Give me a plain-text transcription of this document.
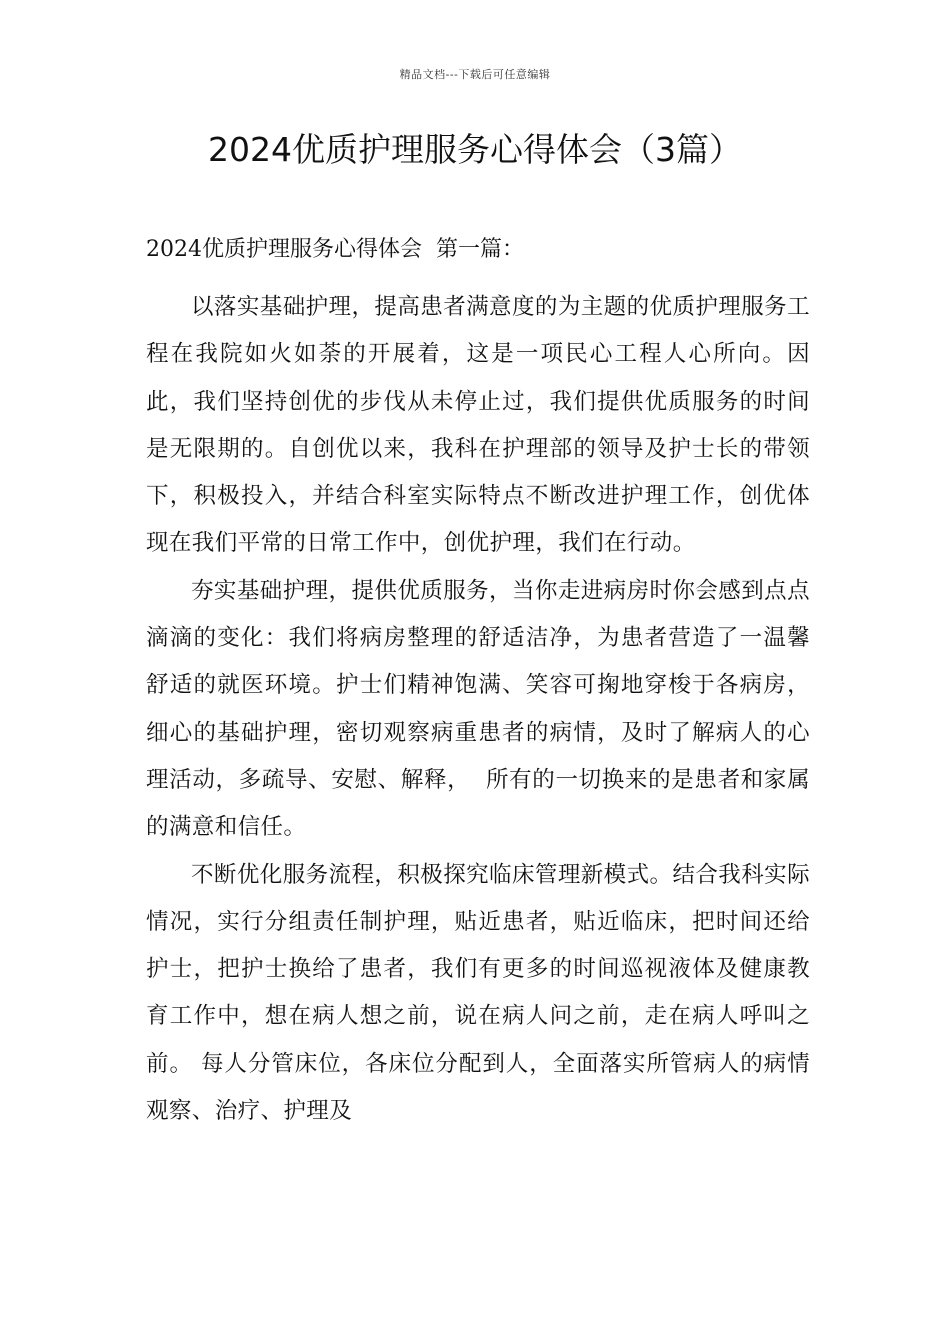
精品文档---下载后可任意编辑
2024优质护理服务心得体会（3篇）
2024优质护理服务心得体会  第一篇：

以落实基础护理，提高患者满意度的为主题的优质护理服务工程在我院如火如荼的开展着，这是一项民心工程人心所向。因此，我们坚持创优的步伐从未停止过，我们提供优质服务的时间是无限期的。自创优以来，我科在护理部的领导及护士长的带领下，积极投入，并结合科室实际特点不断改进护理工作，创优体现在我们平常的日常工作中，创优护理，我们在行动。

夯实基础护理，提供优质服务，当你走进病房时你会感到点点滴滴的变化：我们将病房整理的舒适洁净，为患者营造了一温馨舒适的就医环境。护士们精神饱满、笑容可掬地穿梭于各病房，细心的基础护理，密切观察病重患者的病情，及时了解病人的心理活动，多疏导、安慰、解释，  所有的一切换来的是患者和家属的满意和信任。

不断优化服务流程，积极探究临床管理新模式。结合我科实际情况，实行分组责任制护理，贴近患者，贴近临床，把时间还给护士，把护士换给了患者，我们有更多的时间巡视液体及健康教育工作中，想在病人想之前，说在病人问之前，走在病人呼叫之前。 每人分管床位，各床位分配到人，全面落实所管病人的病情观察、治疗、护理及
